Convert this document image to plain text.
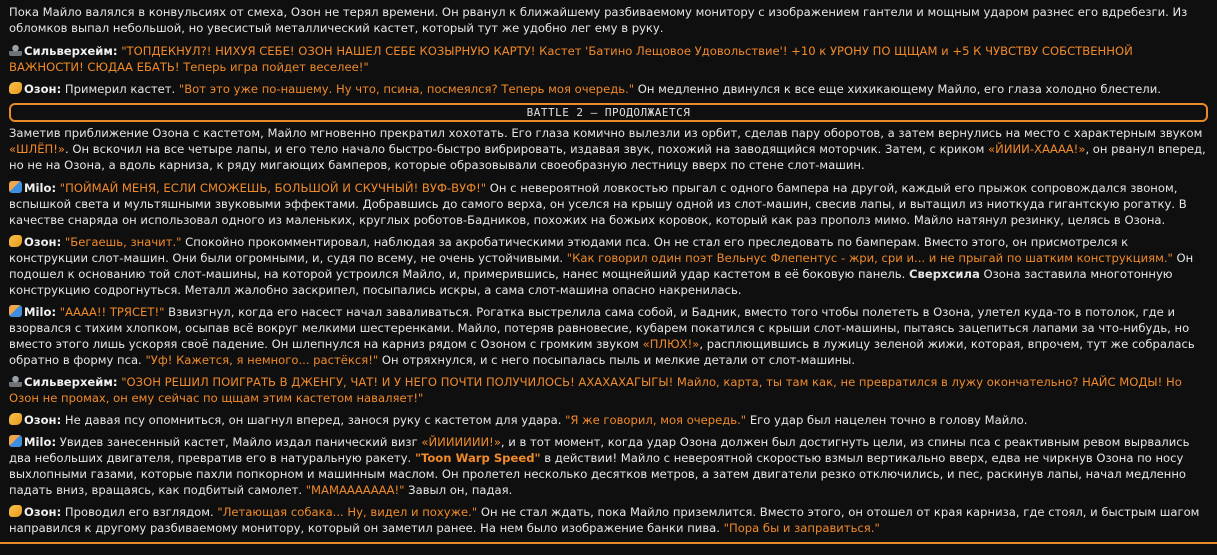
Пока Майло валялся в конвульсиях от смеха, Озон не терял времени. Он рванул к ближайшему разбиваемому монитору с изображением гантели и мощным ударом разнес его вдребезги. Из обломков выпал небольшой, но увесистый металлический кастет, который тут же удобно лег ему в руку.
Сильверхейм: "ТОПДЕКНУЛ?! НИХУЯ СЕБЕ! ОЗОН НАШЕЛ СЕБЕ КОЗЫРНУЮ КАРТУ! Кастет 'Батино Лещовое Удовольствие'! +10 к УРОНУ ПО ЩЩАМ и +5 К ЧУВСТВУ СОБСТВЕННОЙ ВАЖНОСТИ! СЮДАА ЕБАТЬ! Теперь игра пойдет веселее!"
Озон: Примерил кастет. "Вот это уже по-нашему. Ну что, псина, посмеялся? Теперь моя очередь." Он медленно двинулся к все еще хихикающему Майло, его глаза холодно блестели.
BATTLE 2 – ПРОДОЛЖАЕТСЯ
Заметив приближение Озона с кастетом, Майло мгновенно прекратил хохотать. Его глаза комично вылезли из орбит, сделав пару оборотов, а затем вернулись на место с характерным звуком «ШЛЁП!». Он вскочил на все четыре лапы, и его тело начало быстро-быстро вибрировать, издавая звук, похожий на заводящийся моторчик. Затем, с криком «ЙИИИ-ХАААА!», он рванул вперед, но не на Озона, а вдоль карниза, к ряду мигающих бамперов, которые образовывали своеобразную лестницу вверх по стене слот-машин.
Milo: "ПОЙМАЙ МЕНЯ, ЕСЛИ СМОЖЕШЬ, БОЛЬШОЙ И СКУЧНЫЙ! ВУФ-ВУФ!" Он с невероятной ловкостью прыгал с одного бампера на другой, каждый его прыжок сопровождался звоном, вспышкой света и мультяшными звуковыми эффектами. Добравшись до самого верха, он уселся на крышу одной из слот-машин, свесив лапы, и вытащил из ниоткуда гигантскую рогатку. В качестве снаряда он использовал одного из маленьких, круглых роботов-Бадников, похожих на божьих коровок, который как раз прополз мимо. Майло натянул резинку, целясь в Озона.
Озон: "Бегаешь, значит." Спокойно прокомментировал, наблюдая за акробатическими этюдами пса. Он не стал его преследовать по бамперам. Вместо этого, он присмотрелся к конструкции слот-машин. Они были огромными, и, судя по всему, не очень устойчивыми. "Как говорил один поэт Вельнус Флепентус - жри, сри и... и не прыгай по шатким конструкциям." Он подошел к основанию той слот-машины, на которой устроился Майло, и, примерившись, нанес мощнейший удар кастетом в её боковую панель. Сверхсила Озона заставила многотонную конструкцию содрогнуться. Металл жалобно заскрипел, посыпались искры, а сама слот-машина опасно накренилась.
Milo: "АААА!! ТРЯСЕТ!" Взвизгнул, когда его насест начал заваливаться. Рогатка выстрелила сама собой, и Бадник, вместо того чтобы полететь в Озона, улетел куда-то в потолок, где и взорвался с тихим хлопком, осыпав всё вокруг мелкими шестеренками. Майло, потеряв равновесие, кубарем покатился с крыши слот-машины, пытаясь зацепиться лапами за что-нибудь, но вместо этого лишь ускоряя своё падение. Он шлепнулся на карниз рядом с Озоном с громким звуком «ПЛЮХ!», расплющившись в лужицу зеленой жижи, которая, впрочем, тут же собралась обратно в форму пса. "Уф! Кажется, я немного... растёкся!" Он отряхнулся, и с него посыпалась пыль и мелкие детали от слот-машины.
Сильверхейм: "ОЗОН РЕШИЛ ПОИГРАТЬ В ДЖЕНГУ, ЧАТ! И У НЕГО ПОЧТИ ПОЛУЧИЛОСЬ! АХАХАХАГЫГЫ! Майло, карта, ты там как, не превратился в лужу окончательно? НАЙС МОДЫ! Но Озон не промах, он ему сейчас по щщам этим кастетом наваляет!"
Озон: Не давая псу опомниться, он шагнул вперед, занося руку с кастетом для удара. "Я же говорил, моя очередь." Его удар был нацелен точно в голову Майло.
Milo: Увидев занесенный кастет, Майло издал панический визг «ЙИИИИИИ!», и в тот момент, когда удар Озона должен был достигнуть цели, из спины пса с реактивным ревом вырвались два небольших двигателя, превратив его в натуральную ракету. "Toon Warp Speed" в действии! Майло с невероятной скоростью взмыл вертикально вверх, едва не чиркнув Озона по носу выхлопными газами, которые пахли попкорном и машинным маслом. Он пролетел несколько десятков метров, а затем двигатели резко отключились, и пес, раскинув лапы, начал медленно падать вниз, вращаясь, как подбитый самолет. "МАМААААААА!" Завыл он, падая.
Озон: Проводил его взглядом. "Летающая собака... Ну, видел и похуже." Он не стал ждать, пока Майло приземлится. Вместо этого, он отошел от края карниза, где стоял, и быстрым шагом направился к другому разбиваемому монитору, который он заметил ранее. На нем было изображение банки пива. "Пора бы и заправиться."
